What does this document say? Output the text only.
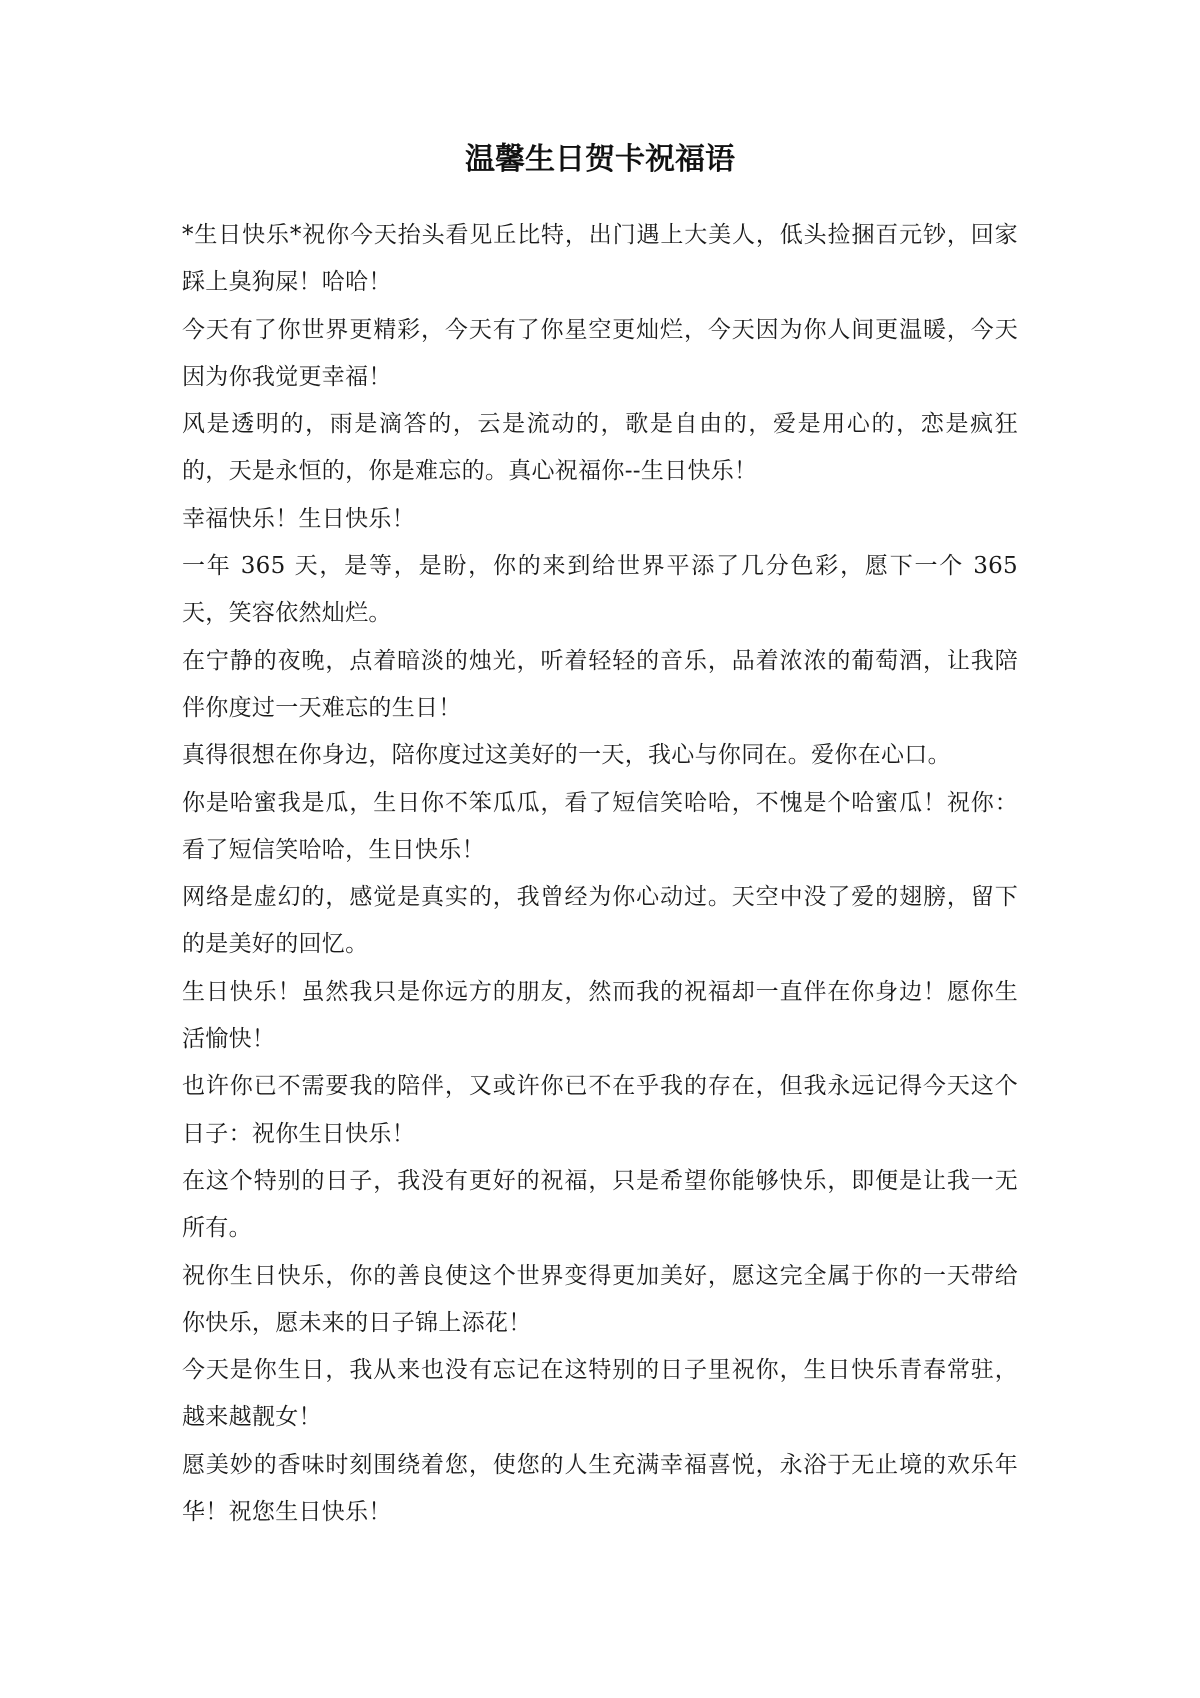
温馨生日贺卡祝福语

*生日快乐*祝你今天抬头看见丘比特，出门遇上大美人，低头捡捆百元钞，回家踩上臭狗屎！哈哈！

今天有了你世界更精彩，今天有了你星空更灿烂，今天因为你人间更温暖，今天因为你我觉更幸福！

风是透明的，雨是滴答的，云是流动的，歌是自由的，爱是用心的，恋是疯狂的，天是永恒的，你是难忘的。真心祝福你--生日快乐！

幸福快乐！生日快乐！

一年 365 天，是等，是盼，你的来到给世界平添了几分色彩，愿下一个 365 天，笑容依然灿烂。

在宁静的夜晚，点着暗淡的烛光，听着轻轻的音乐，品着浓浓的葡萄酒，让我陪伴你度过一天难忘的生日！

真得很想在你身边，陪你度过这美好的一天，我心与你同在。爱你在心口。

你是哈蜜我是瓜，生日你不笨瓜瓜，看了短信笑哈哈，不愧是个哈蜜瓜！祝你：看了短信笑哈哈，生日快乐！

网络是虚幻的，感觉是真实的，我曾经为你心动过。天空中没了爱的翅膀，留下的是美好的回忆。

生日快乐！虽然我只是你远方的朋友，然而我的祝福却一直伴在你身边！愿你生活愉快！

也许你已不需要我的陪伴，又或许你已不在乎我的存在，但我永远记得今天这个日子：祝你生日快乐！

在这个特别的日子，我没有更好的祝福，只是希望你能够快乐，即便是让我一无所有。

祝你生日快乐，你的善良使这个世界变得更加美好，愿这完全属于你的一天带给你快乐，愿未来的日子锦上添花！

今天是你生日，我从来也没有忘记在这特别的日子里祝你，生日快乐青春常驻，越来越靓女！

愿美妙的香味时刻围绕着您，使您的人生充满幸福喜悦，永浴于无止境的欢乐年华！祝您生日快乐！
